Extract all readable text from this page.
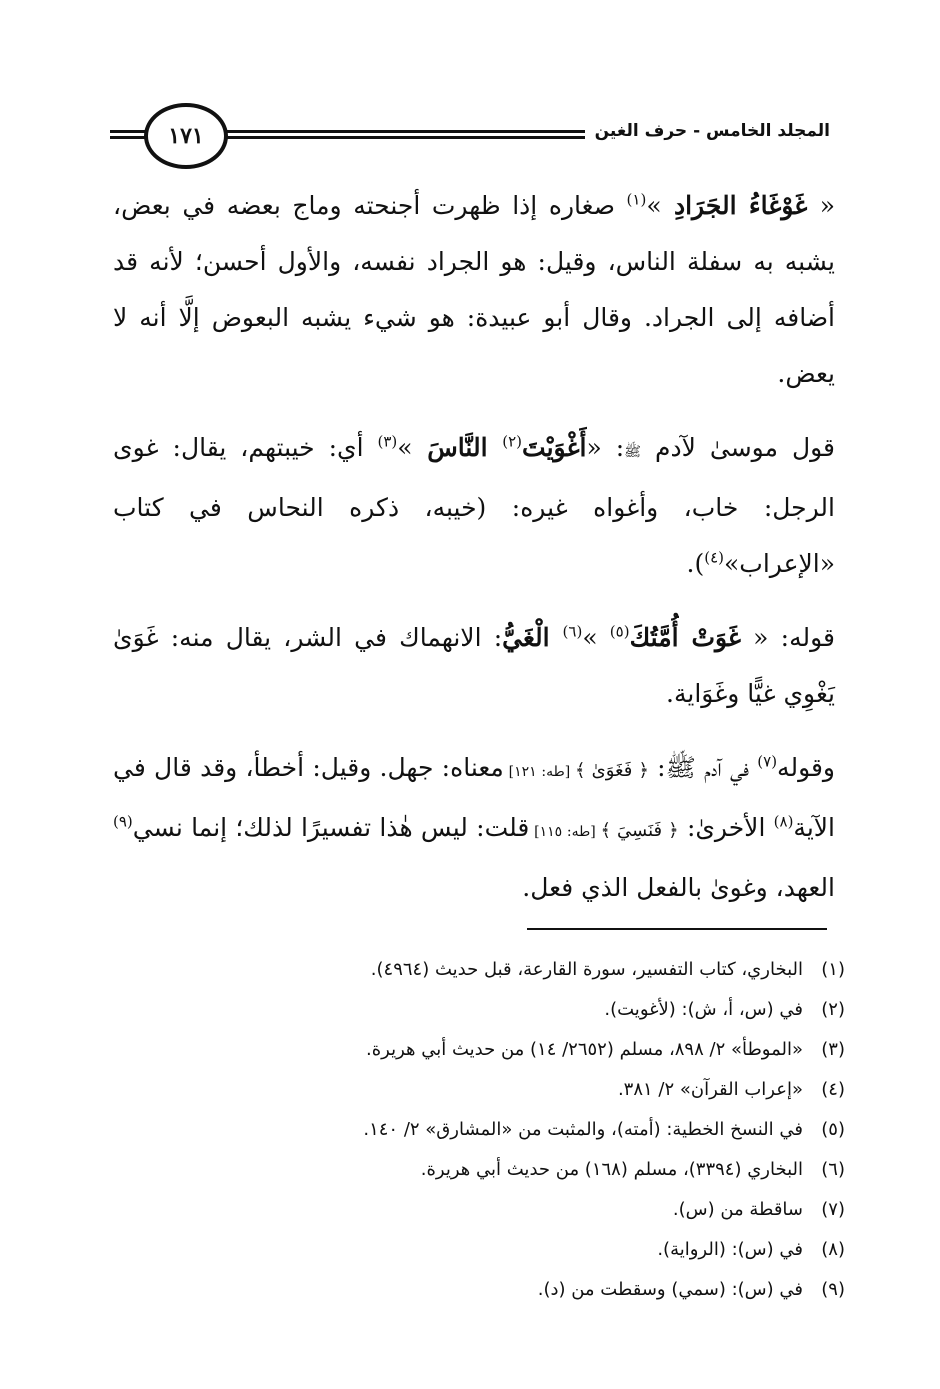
المجلد الخامس - حرف الغين
١٧١

« غَوْغَاءُ الجَرَادِ »$^{(١)}$ صغاره إذا ظهرت أجنحته وماج بعضه في بعض، يشبه به سفلة الناس، وقيل: هو الجراد نفسه، والأول أحسن؛ لأنه قد أضافه إلى الجراد. وقال أبو عبيدة: هو شيء يشبه البعوض إلَّا أنه لا يعض.

قول موسىٰ لآدم ﷺ: «أَغْوَيْتَ$^{(٢)}$ النَّاسَ »$^{(٣)}$ أي: خيبتهم، يقال: غوى الرجل: خاب، وأغواه غيره: (خيبه، ذكره النحاس في كتاب «الإعراب»$^{(٤)}$).

قوله: « غَوَتْ أُمَّتُكَ$^{(٥)}$ »$^{(٦)}$ الْغَيُّ: الانهماك في الشر، يقال منه: غَوَىٰ يَغْوِي غيًّا وغَوَاية.

وقوله$^{(٧)}$ في آدم ﷺ: ﴿ فَغَوَىٰ ﴾ [طه: ١٢١] معناه: جهل. وقيل: أخطأ، وقد قال في الآية$^{(٨)}$ الأخرىٰ: ﴿ فَنَسِيَ ﴾ [طه: ١١٥] قلت: ليس هٰذا تفسيرًا لذلك؛ إنما نسي$^{(٩)}$ العهد، وغوىٰ بالفعل الذي فعل.

(١)
البخاري، كتاب التفسير، سورة القارعة، قبل حديث (٤٩٦٤).
(٢)
في (س، أ، ش): (لأغويت).
(٣)
«الموطأ» ٢/ ٨٩٨، مسلم (٢٦٥٢/ ١٤) من حديث أبي هريرة.
(٤)
«إعراب القرآن» ٢/ ٣٨١.
(٥)
في النسخ الخطية: (أمته)، والمثبت من «المشارق» ٢/ ١٤٠.
(٦)
البخاري (٣٣٩٤)، مسلم (١٦٨) من حديث أبي هريرة.
(٧)
ساقطة من (س).
(٨)
في (س): (الرواية).
(٩)
في (س): (سمي) وسقطت من (د).
